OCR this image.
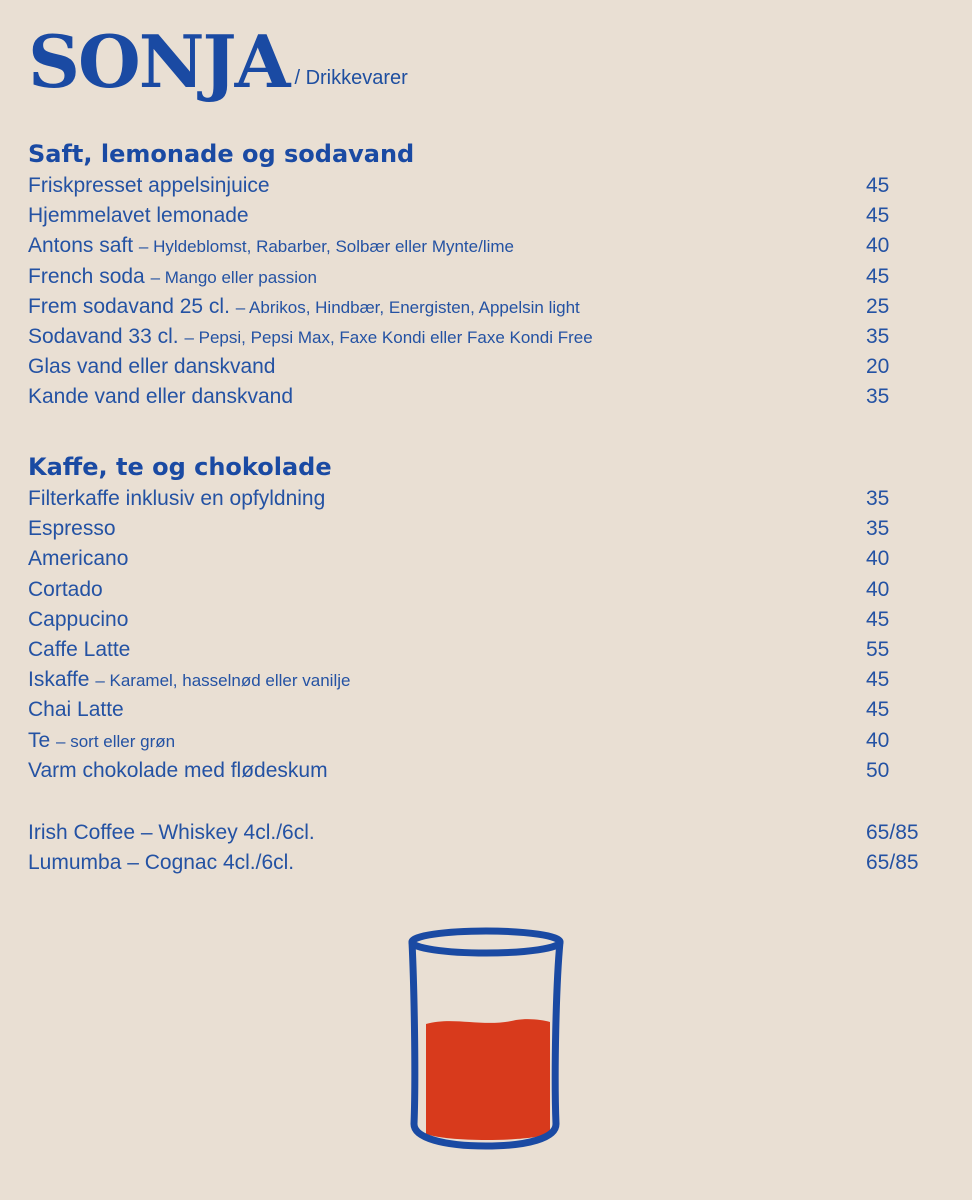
SONJA / Drikkevarer
Saft, lemonade og sodavand
Friskpresset appelsinjuice	45
Hjemmelavet lemonade	45
Antons saft – Hyldeblomst, Rabarber, Solbær eller Mynte/lime	40
French soda – Mango eller passion	45
Frem sodavand 25 cl. – Abrikos, Hindbær, Energisten, Appelsin light	25
Sodavand 33 cl. – Pepsi, Pepsi Max, Faxe Kondi eller Faxe Kondi Free	35
Glas vand eller danskvand	20
Kande vand eller danskvand	35
Kaffe, te og chokolade
Filterkaffe inklusiv en opfyldning	35
Espresso	35
Americano	40
Cortado	40
Cappucino	45
Caffe Latte	55
Iskaffe – Karamel, hasselnød eller vanilje	45
Chai Latte	45
Te – sort eller grøn	40
Varm chokolade med flødeskum	50
Irish Coffee – Whiskey 4cl./6cl.	65/85
Lumumba – Cognac 4cl./6cl.	65/85
